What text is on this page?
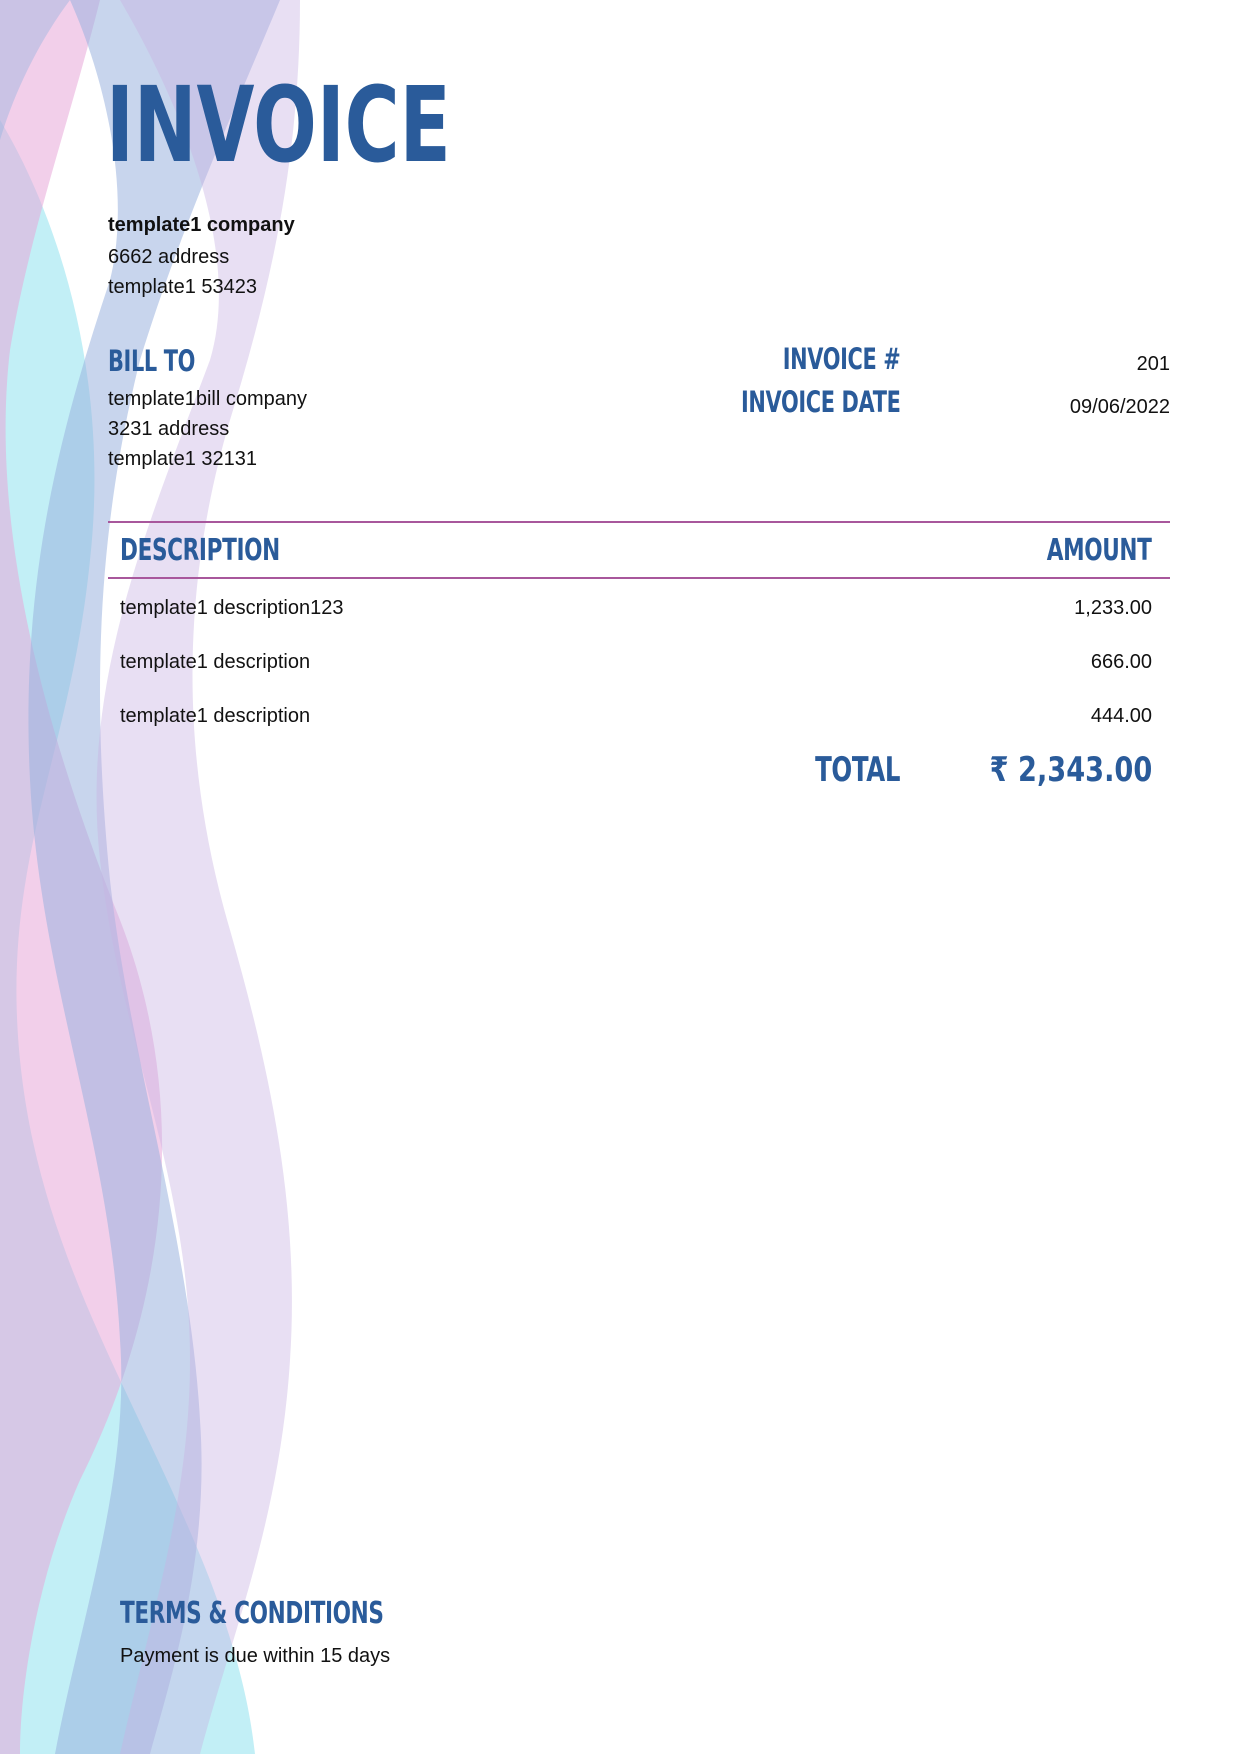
INVOICE
template1 company
6662 address
template1 53423
BILL TO
template1bill company
3231 address
template1 32131
INVOICE #	201
INVOICE DATE	09/06/2022
DESCRIPTION	AMOUNT
template1 description123	1,233.00
template1 description	666.00
template1 description	444.00
TOTAL	₹ 2,343.00
TERMS & CONDITIONS
Payment is due within 15 days
